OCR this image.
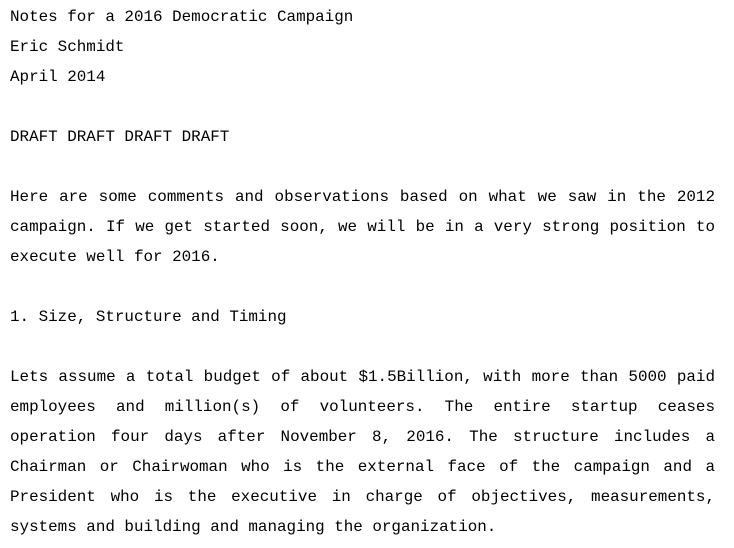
Notes for a 2016 Democratic Campaign
Eric Schmidt
April 2014
DRAFT DRAFT DRAFT DRAFT
Here are some comments and observations based on what we saw in the 2012 campaign. If we get started soon, we will be in a very strong position to execute well for 2016.
1. Size, Structure and Timing
Lets assume a total budget of about $1.5Billion, with more than 5000 paid employees and million(s) of volunteers. The entire startup ceases operation four days after November 8, 2016. The structure includes a Chairman or Chairwoman who is the external face of the campaign and a President who is the executive in charge of objectives, measurements, systems and building and managing the organization.
